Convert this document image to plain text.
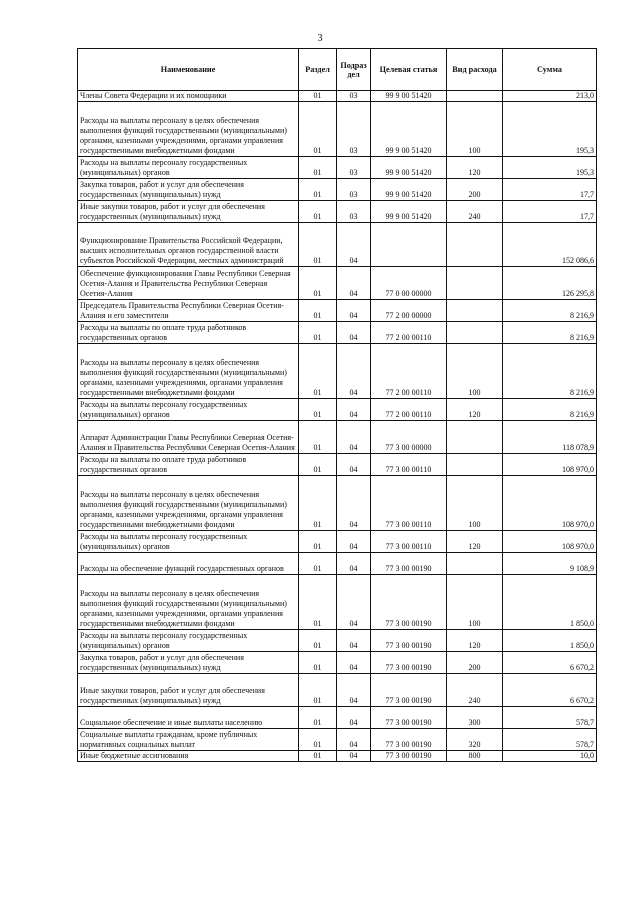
3
Наименование	Раздел	Подраз дел	Целевая статья	Вид расхода	Сумма
Члены Совета Федерации и их помощники	01	03	99 9 00 51420		213,0
Расходы на выплаты персоналу в целях обеспечения выполнения функций государственными (муниципальными) органами, казенными учреждениями, органами управления государственными внебюджетными фондами	01	03	99 9 00 51420	100	195,3
Расходы на выплаты персоналу государственных (муниципальных) органов	01	03	99 9 00 51420	120	195,3
Закупка товаров, работ и услуг для обеспечения государственных (муниципальных) нужд	01	03	99 9 00 51420	200	17,7
Иные закупки товаров, работ и услуг для обеспечения государственных (муниципальных) нужд	01	03	99 9 00 51420	240	17,7
Функционирование Правительства Российской Федерации, высших исполнительных органов государственной власти субъектов Российской Федерации, местных администраций	01	04			152 086,6
Обеспечение функционирования Главы Республики Северная Осетия-Алания и Правительства Республики Северная Осетия-Алания	01	04	77 0 00 00000		126 295,8
Председатель Правительства Республики Северная Осетия-Алания и его заместители	01	04	77 2 00 00000		8 216,9
Расходы на выплаты по оплате труда работников государственных органов	01	04	77 2 00 00110		8 216,9
Расходы на выплаты персоналу в целях обеспечения выполнения функций государственными (муниципальными) органами, казенными учреждениями, органами управления государственными внебюджетными фондами	01	04	77 2 00 00110	100	8 216,9
Расходы на выплаты персоналу государственных (муниципальных) органов	01	04	77 2 00 00110	120	8 216,9
Аппарат Администрации Главы Республики Северная Осетия-Алания и Правительства Республики Северная Осетия-Алания	01	04	77 3 00 00000		118 078,9
Расходы на выплаты по оплате труда работников государственных органов	01	04	77 3 00 00110		108 970,0
Расходы на выплаты персоналу в целях обеспечения выполнения функций государственными (муниципальными) органами, казенными учреждениями, органами управления государственными внебюджетными фондами	01	04	77 3 00 00110	100	108 970,0
Расходы на выплаты персоналу государственных (муниципальных) органов	01	04	77 3 00 00110	120	108 970,0
Расходы на обеспечение функций государственных органов	01	04	77 3 00 00190		9 108,9
Расходы на выплаты персоналу в целях обеспечения выполнения функций государственными (муниципальными) органами, казенными учреждениями, органами управления государственными внебюджетными фондами	01	04	77 3 00 00190	100	1 850,0
Расходы на выплаты персоналу государственных (муниципальных) органов	01	04	77 3 00 00190	120	1 850,0
Закупка товаров, работ и услуг для обеспечения государственных (муниципальных) нужд	01	04	77 3 00 00190	200	6 670,2
Иные закупки товаров, работ и услуг для обеспечения государственных (муниципальных) нужд	01	04	77 3 00 00190	240	6 670,2
Социальное обеспечение и иные выплаты населению	01	04	77 3 00 00190	300	578,7
Социальные выплаты гражданам, кроме публичных нормативных социальных выплат	01	04	77 3 00 00190	320	578,7
Иные бюджетные ассигнования	01	04	77 3 00 00190	800	10,0
